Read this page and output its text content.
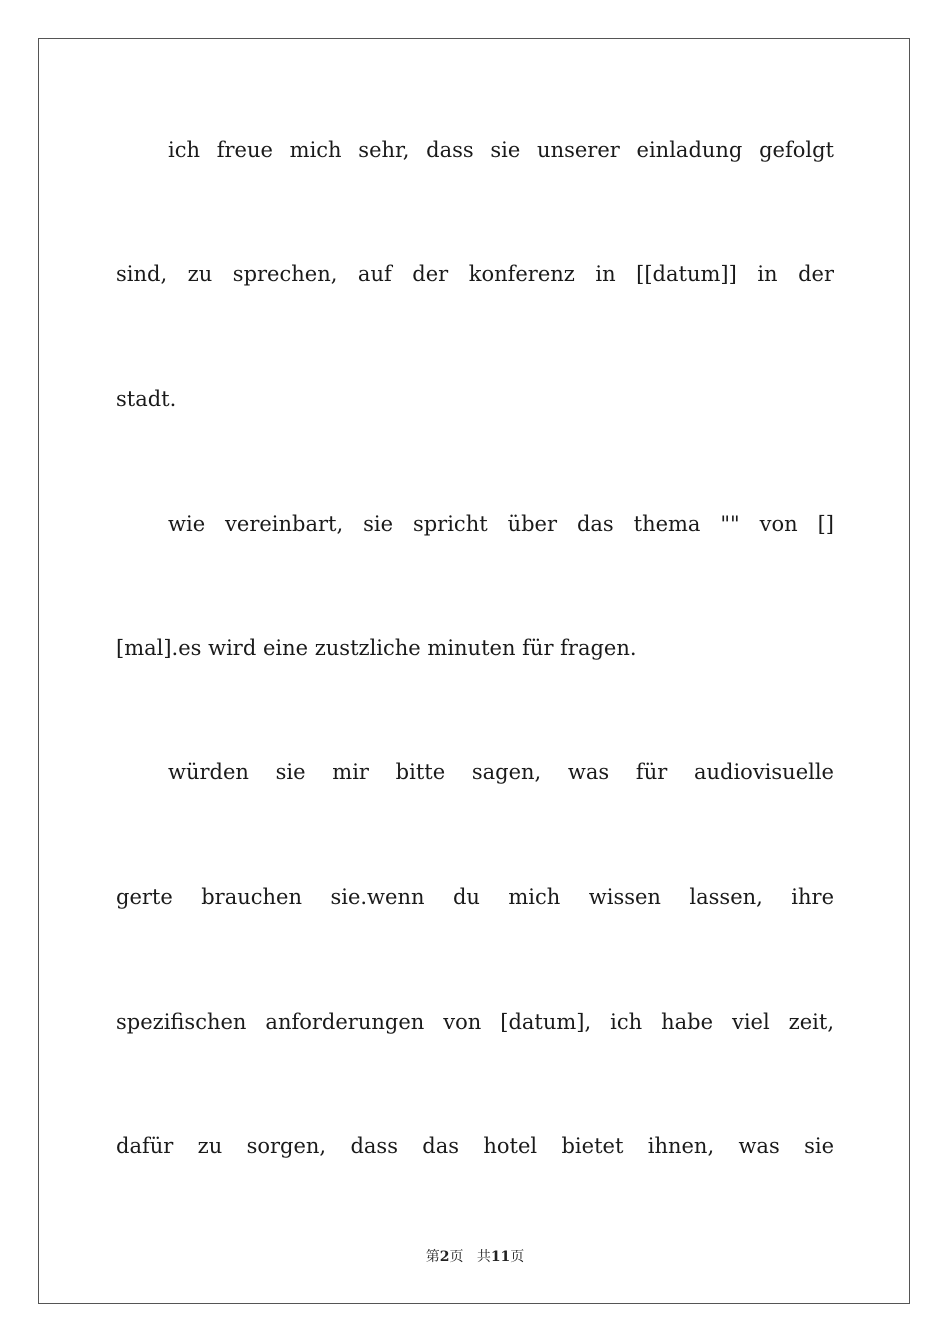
ich freue mich sehr, dass sie unserer einladung gefolgt
sind, zu sprechen, auf der konferenz in [[datum]] in der
stadt.
wie vereinbart, sie spricht über das thema "" von []
[mal].es wird eine zustzliche minuten für fragen.
würden sie mir bitte sagen, was für audiovisuelle
gerte brauchen sie.wenn du mich wissen lassen, ihre
spezifischen anforderungen von [datum], ich habe viel zeit,
dafür zu sorgen, dass das hotel bietet ihnen, was sie
第2页 共11页
